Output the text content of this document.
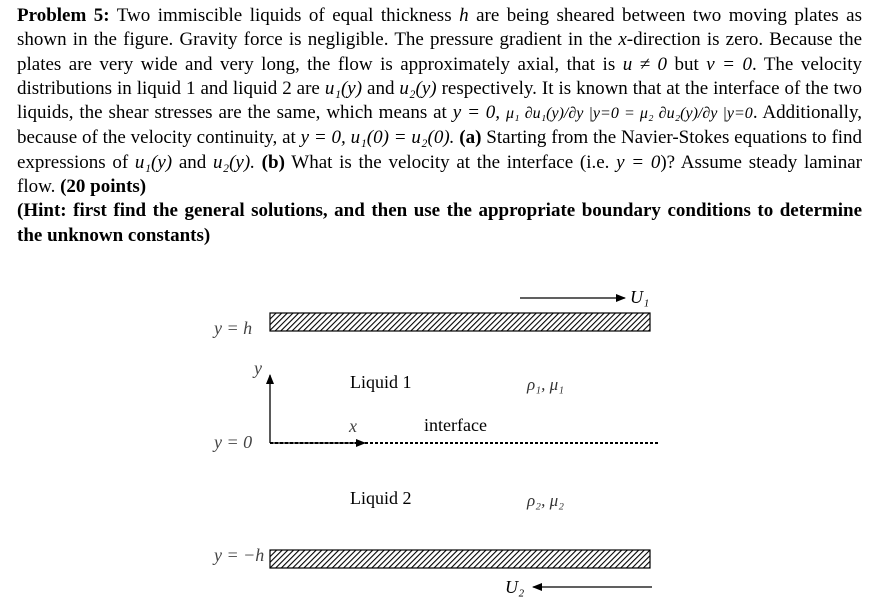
Problem 5: Two immiscible liquids of equal thickness h are being sheared between two moving plates as shown in the figure. Gravity force is negligible. The pressure gradient in the x-direction is zero. Because the plates are very wide and very long, the flow is approximately axial, that is u ≠ 0 but v = 0. The velocity distributions in liquid 1 and liquid 2 are u₁(y) and u₂(y) respectively. It is known that at the interface of the two liquids, the shear stresses are the same, which means at y = 0, μ₁ ∂u₁(y)/∂y |y=0 = μ₂ ∂u₂(y)/∂y |y=0. Additionally, because of the velocity continuity, at y = 0, u₁(0) = u₂(0). (a) Starting from the Navier-Stokes equations to find expressions of u₁(y) and u₂(y). (b) What is the velocity at the interface (i.e. y = 0)? Assume steady laminar flow. (20 points)
(Hint: first find the general solutions, and then use the appropriate boundary conditions to determine the unknown constants)
U₁
U₂
y
x
y = h
y = 0
y = −h
Liquid 1
Liquid 2
interface
ρ₁, μ₁
ρ₂, μ₂
